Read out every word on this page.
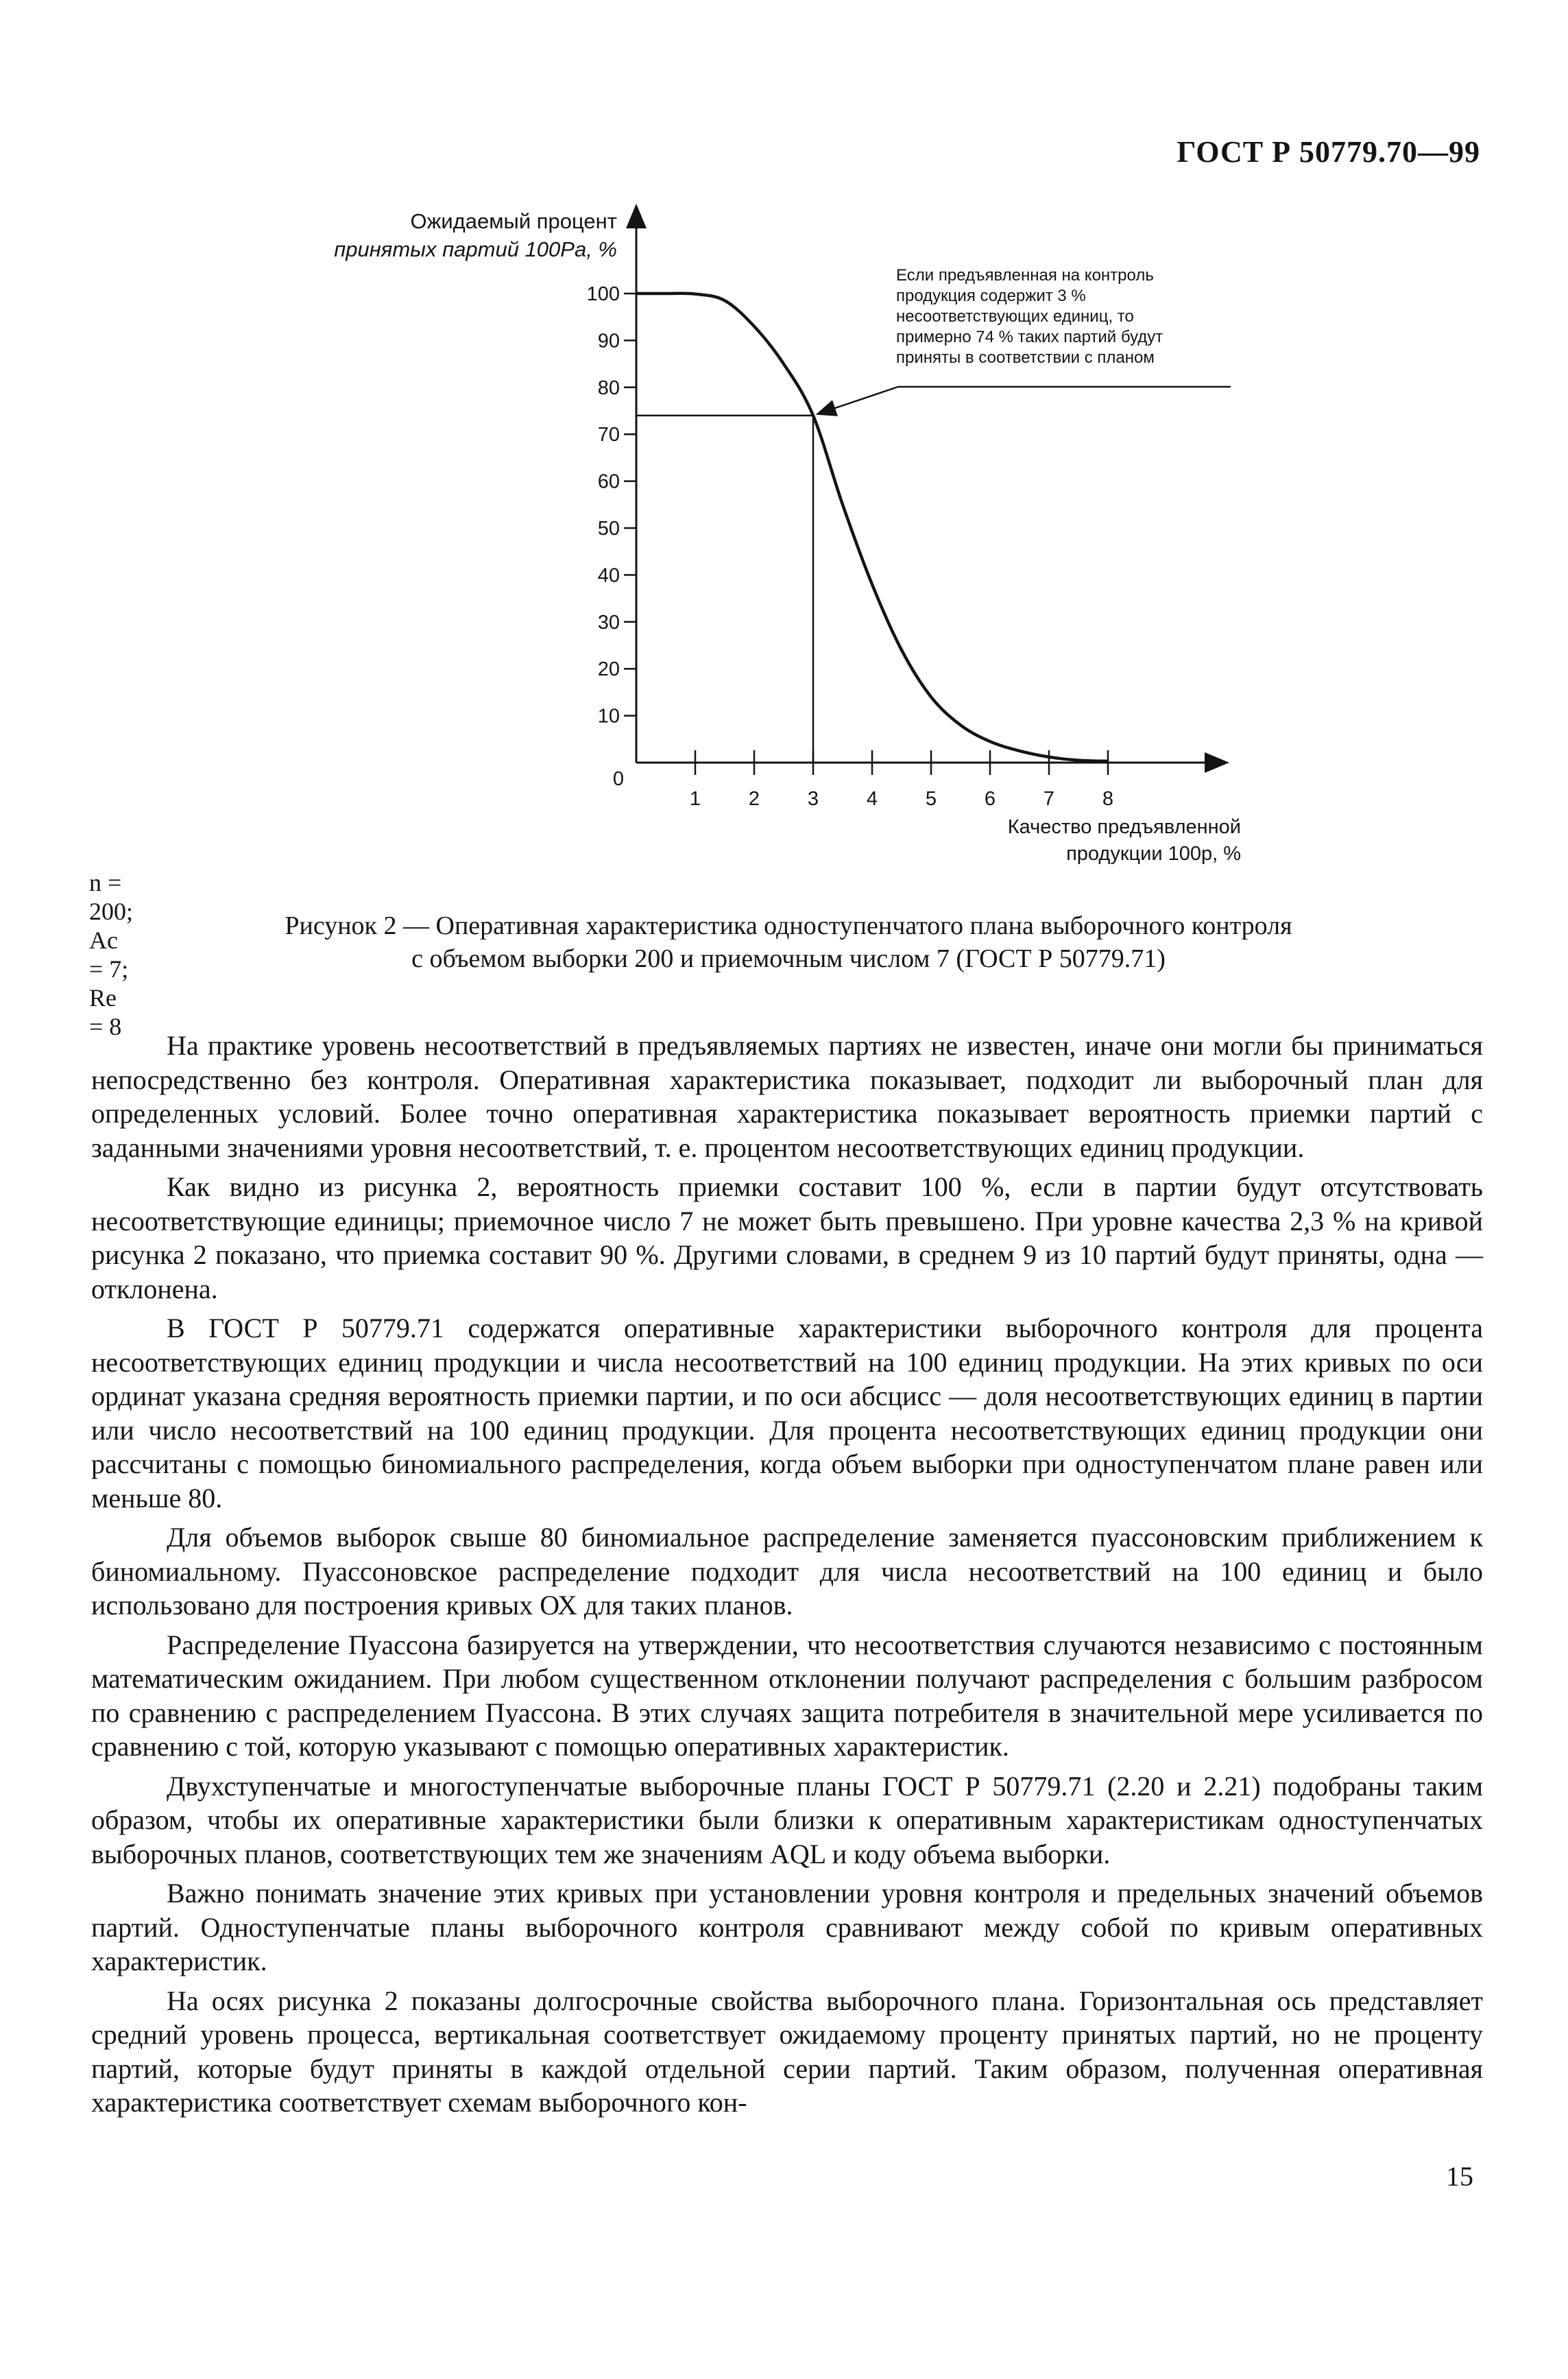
ГОСТ Р 50779.70—99
0
10
20
30
40
50
60
70
80
90
100
1 2 3 4 5 6 7 8
Ожидаемый процент
принятых партий 100Pa, %
Если предъявленная на контроль
продукция содержит 3 %
несоответствующих единиц, то
примерно 74 % таких партий будут
приняты в соответствии с планом
Качество предъявленной
продукции 100p, %
n = 200; Ac = 7; Re = 8
Рисунок 2 — Оперативная характеристика одноступенчатого плана выборочного контроля
с объемом выборки 200 и приемочным числом 7 (ГОСТ Р 50779.71)

На практике уровень несоответствий в предъявляемых партиях не известен, иначе они могли бы приниматься непосредственно без контроля. Оперативная характеристика показывает, подходит ли выборочный план для определенных условий. Более точно оперативная характеристика показывает вероятность приемки партий с заданными значениями уровня несоответствий, т. е. процентом несоответствующих единиц продукции.

Как видно из рисунка 2, вероятность приемки составит 100 %, если в партии будут отсутствовать несоответствующие единицы; приемочное число 7 не может быть превышено. При уровне качества 2,3 % на кривой рисунка 2 показано, что приемка составит 90 %. Другими словами, в среднем 9 из 10 партий будут приняты, одна — отклонена.

В ГОСТ Р 50779.71 содержатся оперативные характеристики выборочного контроля для процента несоответствующих единиц продукции и числа несоответствий на 100 единиц продукции. На этих кривых по оси ординат указана средняя вероятность приемки партии, и по оси абсцисс — доля несоответствующих единиц в партии или число несоответствий на 100 единиц продукции. Для процента несоответствующих единиц продукции они рассчитаны с помощью биномиального распределения, когда объем выборки при одноступенчатом плане равен или меньше 80.

Для объемов выборок свыше 80 биномиальное распределение заменяется пуассоновским приближением к биномиальному. Пуассоновское распределение подходит для числа несоответствий на 100 единиц и было использовано для построения кривых ОХ для таких планов.

Распределение Пуассона базируется на утверждении, что несоответствия случаются независимо с постоянным математическим ожиданием. При любом существенном отклонении получают распределения с большим разбросом по сравнению с распределением Пуассона. В этих случаях защита потребителя в значительной мере усиливается по сравнению с той, которую указывают с помощью оперативных характеристик.

Двухступенчатые и многоступенчатые выборочные планы ГОСТ Р 50779.71 (2.20 и 2.21) подобраны таким образом, чтобы их оперативные характеристики были близки к оперативным характеристикам одноступенчатых выборочных планов, соответствующих тем же значениям AQL и коду объема выборки.

Важно понимать значение этих кривых при установлении уровня контроля и предельных значений объемов партий. Одноступенчатые планы выборочного контроля сравнивают между собой по кривым оперативных характеристик.

На осях рисунка 2 показаны долгосрочные свойства выборочного плана. Горизонтальная ось представляет средний уровень процесса, вертикальная соответствует ожидаемому проценту принятых партий, но не проценту партий, которые будут приняты в каждой отдельной серии партий. Таким образом, полученная оперативная характеристика соответствует схемам выборочного кон-

15
